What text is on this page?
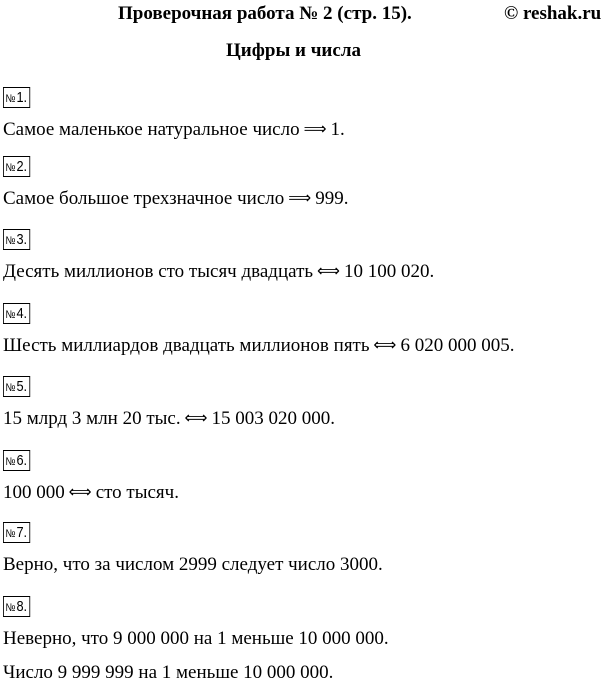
Проверочная работа № 2 (стр. 15).	© reshak.ru
Цифры и числа
№1.
Самое маленькое натуральное число ⟹ 1.
№2.
Самое большое трехзначное число ⟹ 999.
№3.
Десять миллионов сто тысяч двадцать ⟺ 10 100 020.
№4.
Шесть миллиардов двадцать миллионов пять ⟺ 6 020 000 005.
№5.
15 млрд 3 млн 20 тыс. ⟺ 15 003 020 000.
№6.
100 000 ⟺ сто тысяч.
№7.
Верно, что за числом 2999 следует число 3000.
№8.
Неверно, что 9 000 000 на 1 меньше 10 000 000.
Число 9 999 999 на 1 меньше 10 000 000.
